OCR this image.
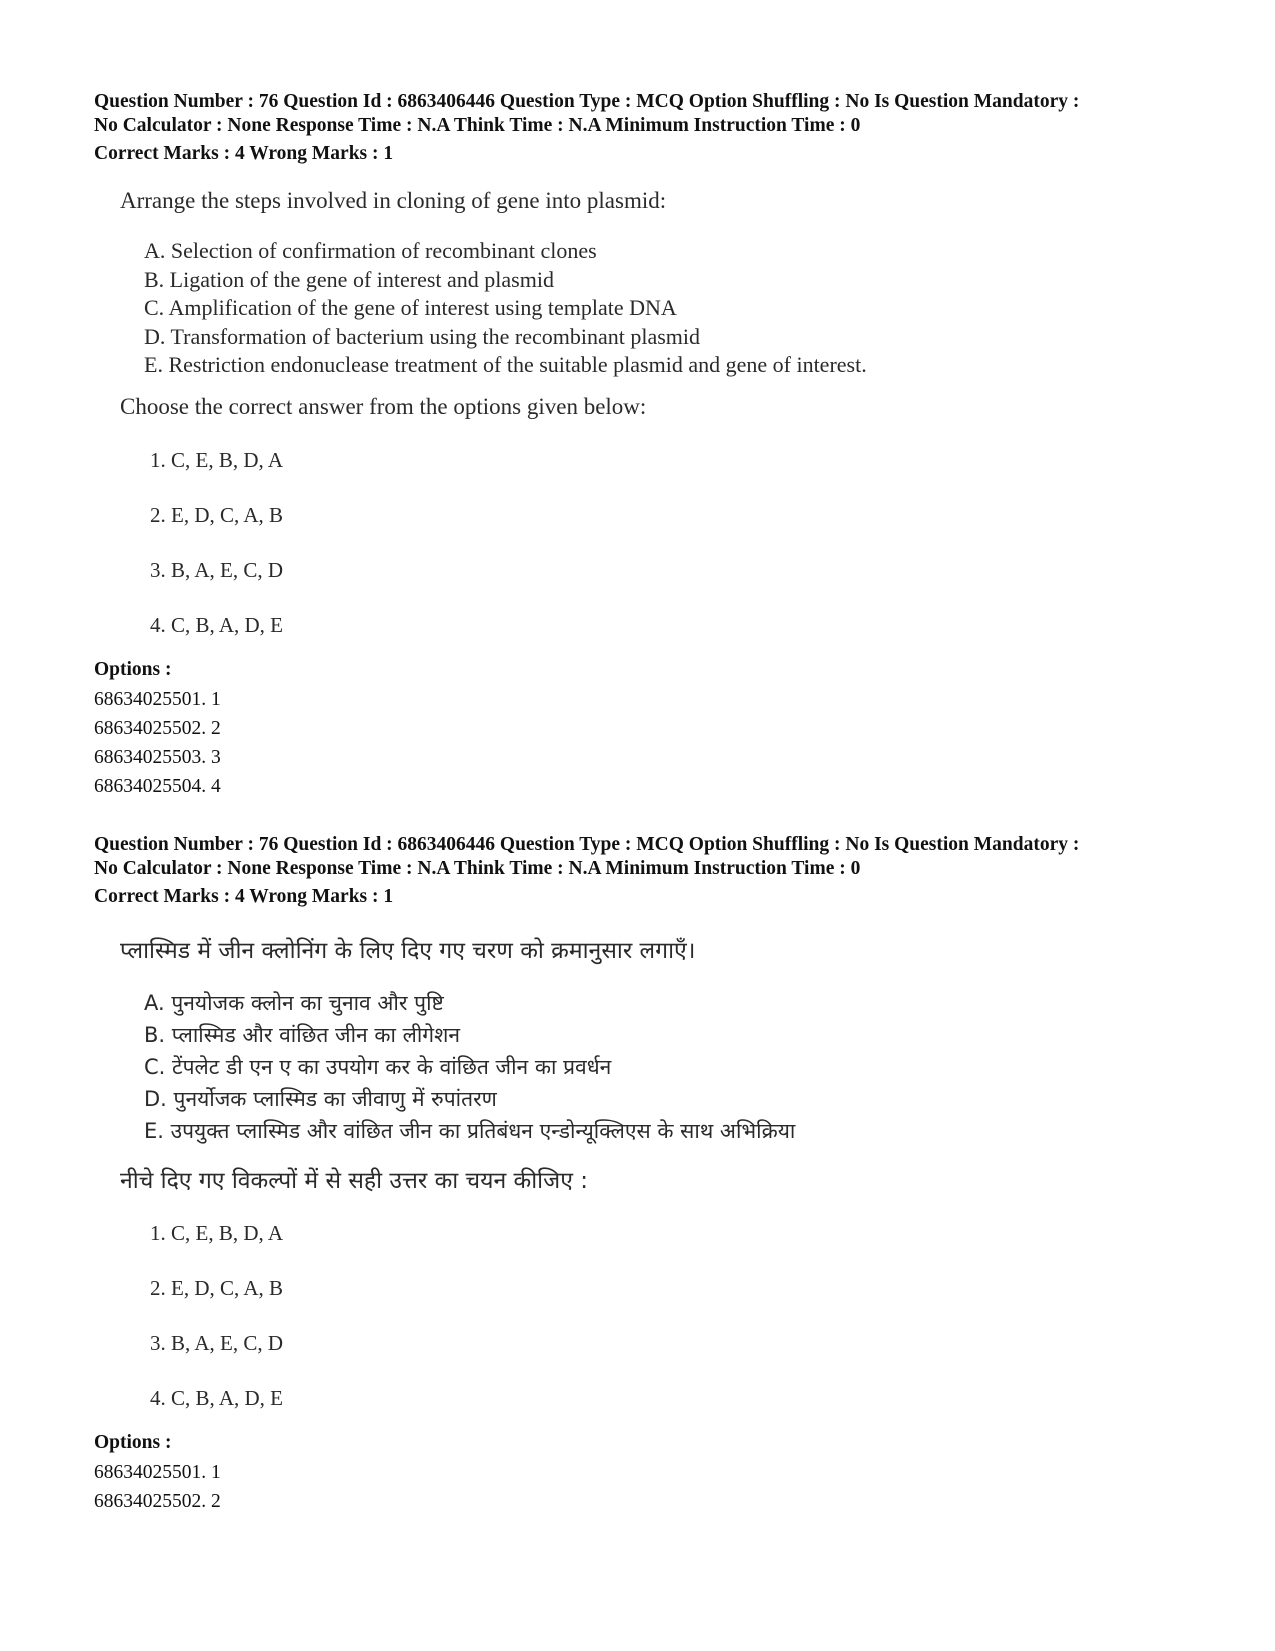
Question Number : 76 Question Id : 6863406446 Question Type : MCQ Option Shuffling : No Is Question Mandatory :
No Calculator : None Response Time : N.A Think Time : N.A Minimum Instruction Time : 0
Correct Marks : 4 Wrong Marks : 1
Arrange the steps involved in cloning of gene into plasmid:
A. Selection of confirmation of recombinant clones
B. Ligation of the gene of interest and plasmid
C. Amplification of the gene of interest using template DNA
D. Transformation of bacterium using the recombinant plasmid
E. Restriction endonuclease treatment of the suitable plasmid and gene of interest.
Choose the correct answer from the options given below:
1. C, E, B, D, A
2. E, D, C, A, B
3. B, A, E, C, D
4. C, B, A, D, E
Options :
68634025501. 1
68634025502. 2
68634025503. 3
68634025504. 4
Question Number : 76 Question Id : 6863406446 Question Type : MCQ Option Shuffling : No Is Question Mandatory :
No Calculator : None Response Time : N.A Think Time : N.A Minimum Instruction Time : 0
Correct Marks : 4 Wrong Marks : 1
प्लास्मिड में जीन क्लोनिंग के लिए दिए गए चरण को क्रमानुसार लगाएँ।
A. पुनयोजक क्लोन का चुनाव और पुष्टि
B. प्लास्मिड और वांछित जीन का लीगेशन
C. टेंपलेट डी एन ए का उपयोग कर के वांछित जीन का प्रवर्धन
D. पुनर्योजक प्लास्मिड का जीवाणु में रुपांतरण
E. उपयुक्त प्लास्मिड और वांछित जीन का प्रतिबंधन एन्डोन्यूक्लिएस के साथ अभिक्रिया
नीचे दिए गए विकल्पों में से सही उत्तर का चयन कीजिए :
1. C, E, B, D, A
2. E, D, C, A, B
3. B, A, E, C, D
4. C, B, A, D, E
Options :
68634025501. 1
68634025502. 2
